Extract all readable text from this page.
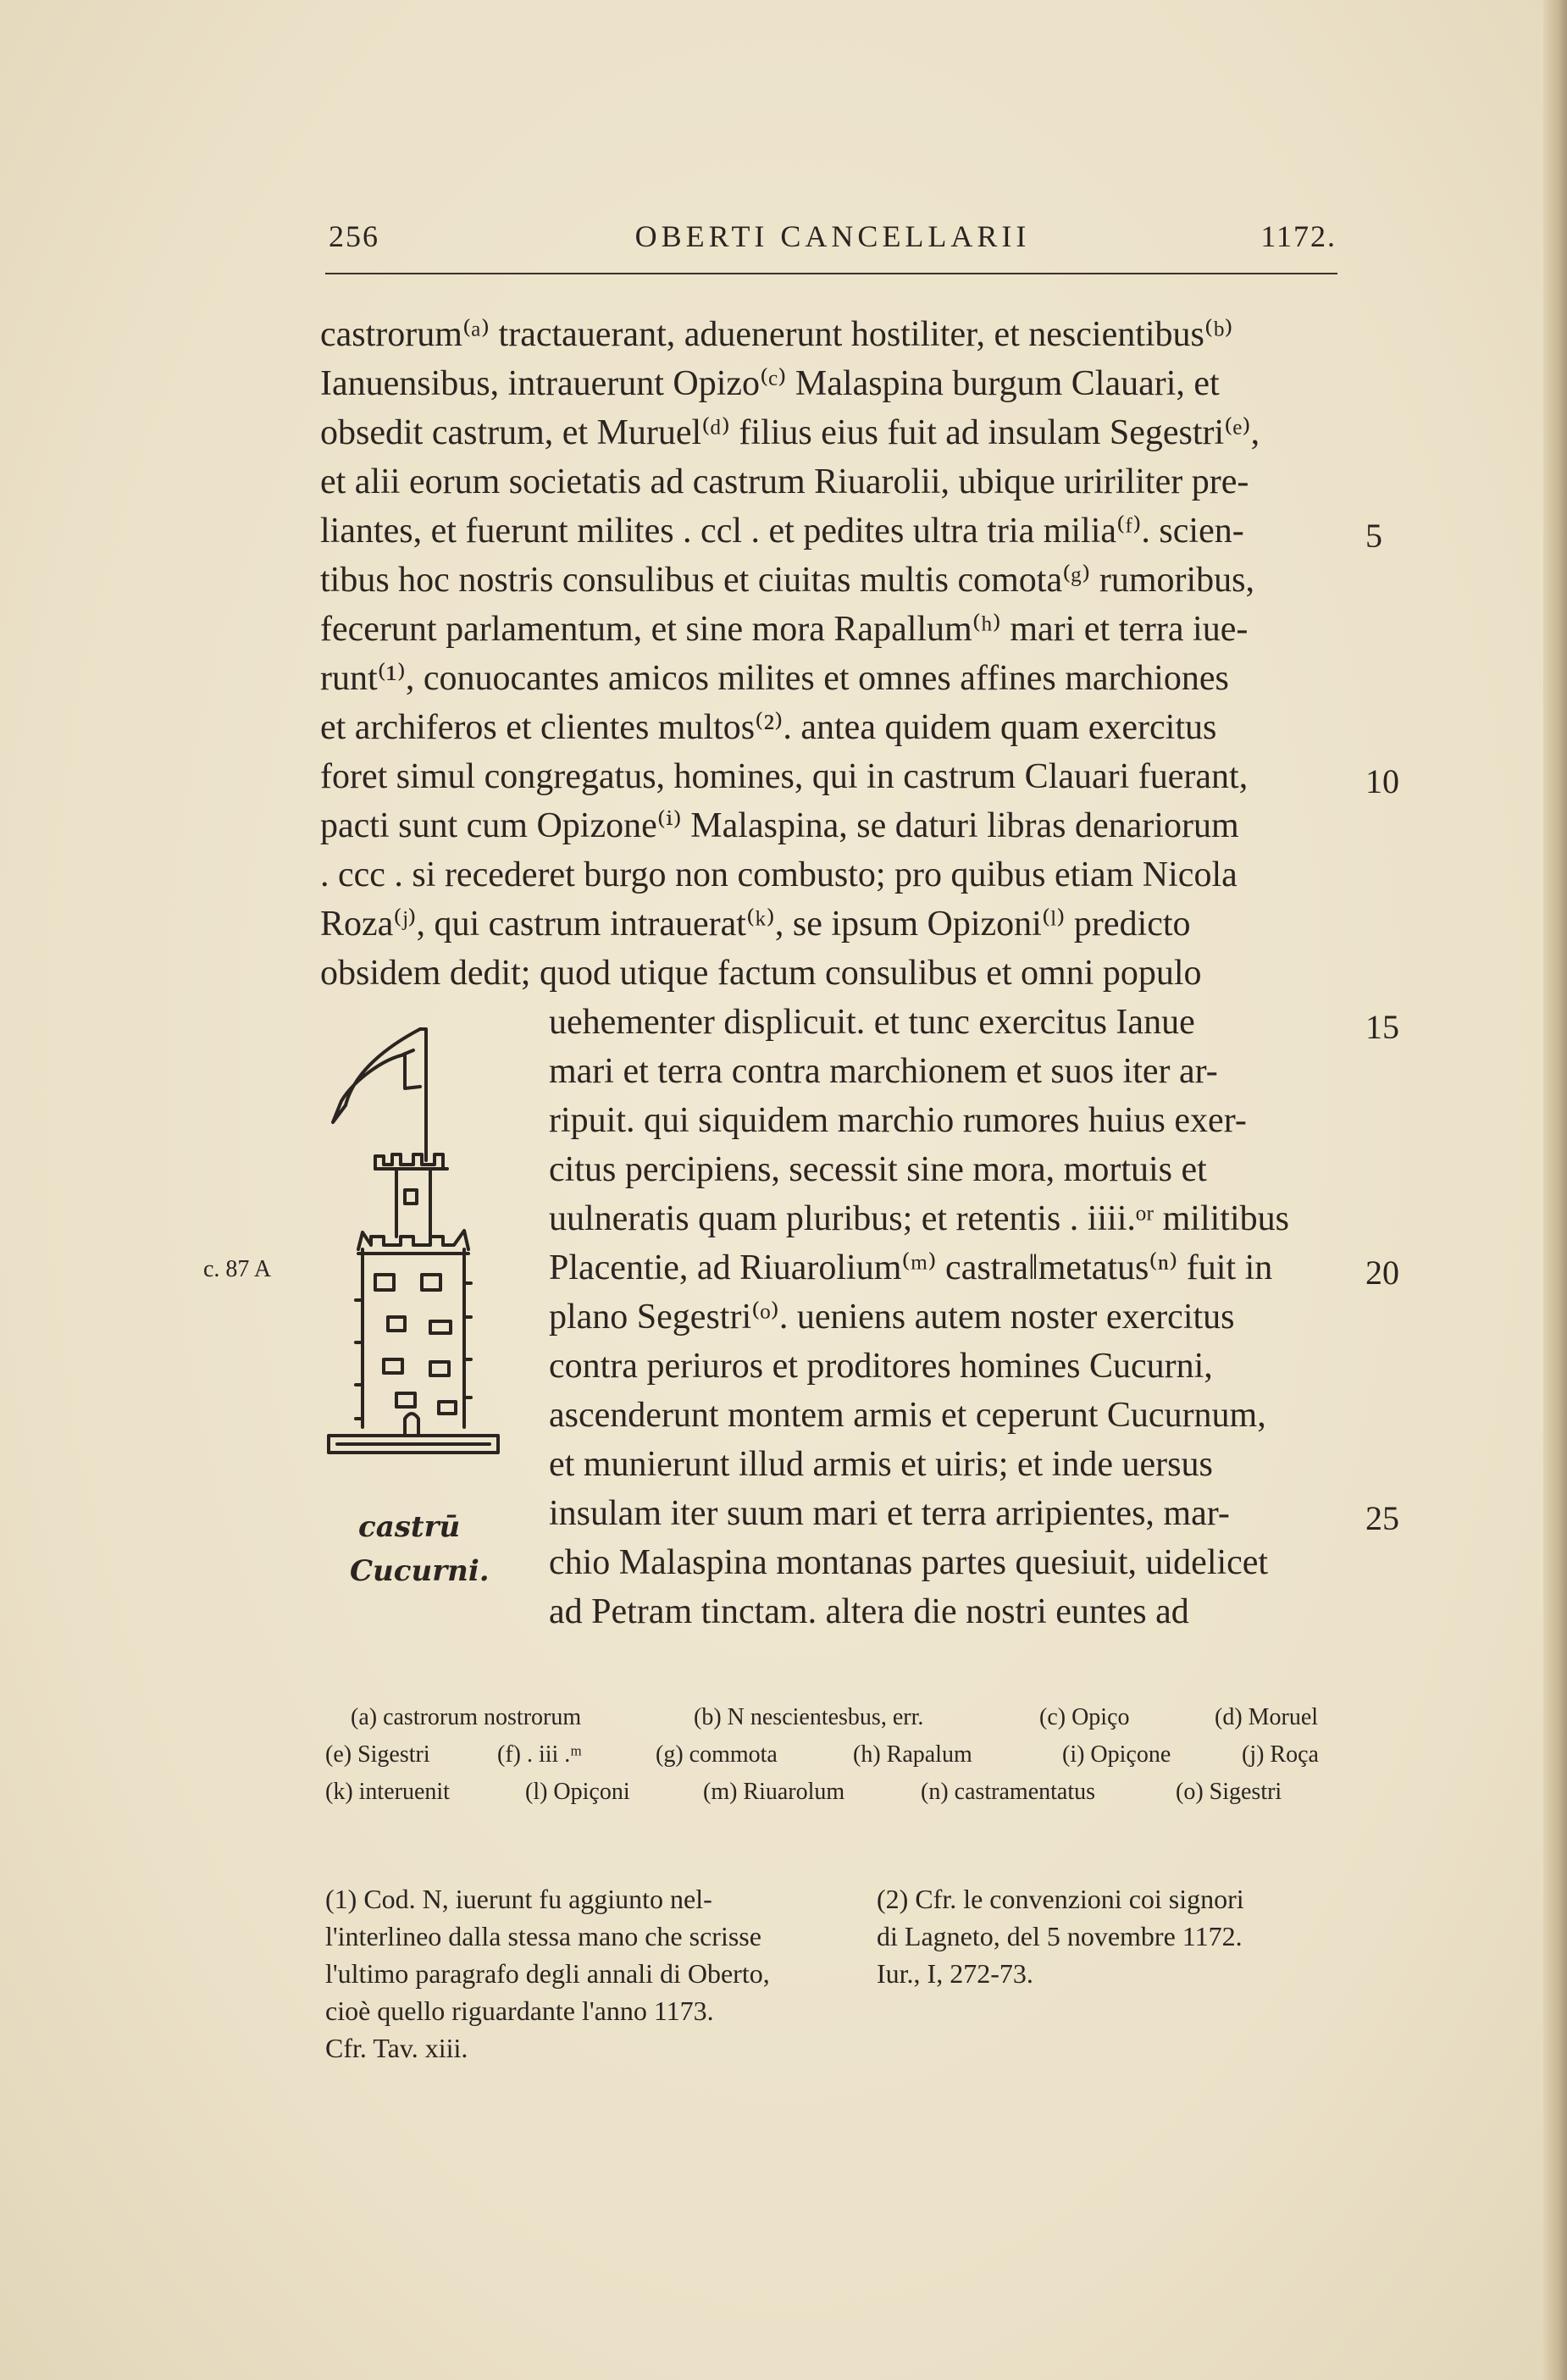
256	OBERTI CANCELLARII	1172.
castrorum⁽ᵃ⁾ tractauerant, aduenerunt hostiliter, et nescientibus⁽ᵇ⁾
Ianuensibus, intrauerunt Opizo⁽ᶜ⁾ Malaspina burgum Clauari, et
obsedit castrum, et Muruel⁽ᵈ⁾ filius eius fuit ad insulam Segestri⁽ᵉ⁾,
et alii eorum societatis ad castrum Riuarolii, ubique uririliter pre-
liantes, et fuerunt milites . ccl . et pedites ultra tria milia⁽ᶠ⁾. scien-
tibus hoc nostris consulibus et ciuitas multis comota⁽ᵍ⁾ rumoribus,
fecerunt parlamentum, et sine mora Rapallum⁽ʰ⁾ mari et terra iue-
runt⁽¹⁾, conuocantes amicos milites et omnes affines marchiones
et archiferos et clientes multos⁽²⁾. antea quidem quam exercitus
foret simul congregatus, homines, qui in castrum Clauari fuerant,
pacti sunt cum Opizone⁽ⁱ⁾ Malaspina, se daturi libras denariorum
. ccc . si recederet burgo non combusto; pro quibus etiam Nicola
Roza⁽ʲ⁾, qui castrum intrauerat⁽ᵏ⁾, se ipsum Opizoni⁽ˡ⁾ predicto
obsidem dedit; quod utique factum consulibus et omni populo
uehementer displicuit. et tunc exercitus Ianue
mari et terra contra marchionem et suos iter ar-
ripuit. qui siquidem marchio rumores huius exer-
citus percipiens, secessit sine mora, mortuis et
uulneratis quam pluribus; et retentis . iiii.ᵒʳ militibus
Placentie, ad Riuarolium⁽ᵐ⁾ castra‖metatus⁽ⁿ⁾ fuit in
plano Segestri⁽ᵒ⁾. ueniens autem noster exercitus
contra periuros et proditores homines Cucurni,
ascenderunt montem armis et ceperunt Cucurnum,
et munierunt illud armis et uiris; et inde uersus
insulam iter suum mari et terra arripientes, mar-
chio Malaspina montanas partes quesiuit, uidelicet
ad Petram tinctam. altera die nostri euntes ad
5
10
15
20
25
c. 87 A
castrū
Cucurni.
(a) castrorum nostrorum	(b) N nescientesbus, err.	(c) Opiço	(d) Moruel
(e) Sigestri	(f) . iii .ᵐ	(g) commota	(h) Rapalum	(i) Opiçone	(j) Roça
(k) interuenit	(l) Opiçoni	(m) Riuarolum	(n) castramentatus	(o) Sigestri
(1) Cod. N, iuerunt fu aggiunto nel-
l'interlineo dalla stessa mano che scrisse
l'ultimo paragrafo degli annali di Oberto,
cioè quello riguardante l'anno 1173.
Cfr. Tav. xiii.
(2) Cfr. le convenzioni coi signori
di Lagneto, del 5 novembre 1172.
Iur., I, 272-73.
